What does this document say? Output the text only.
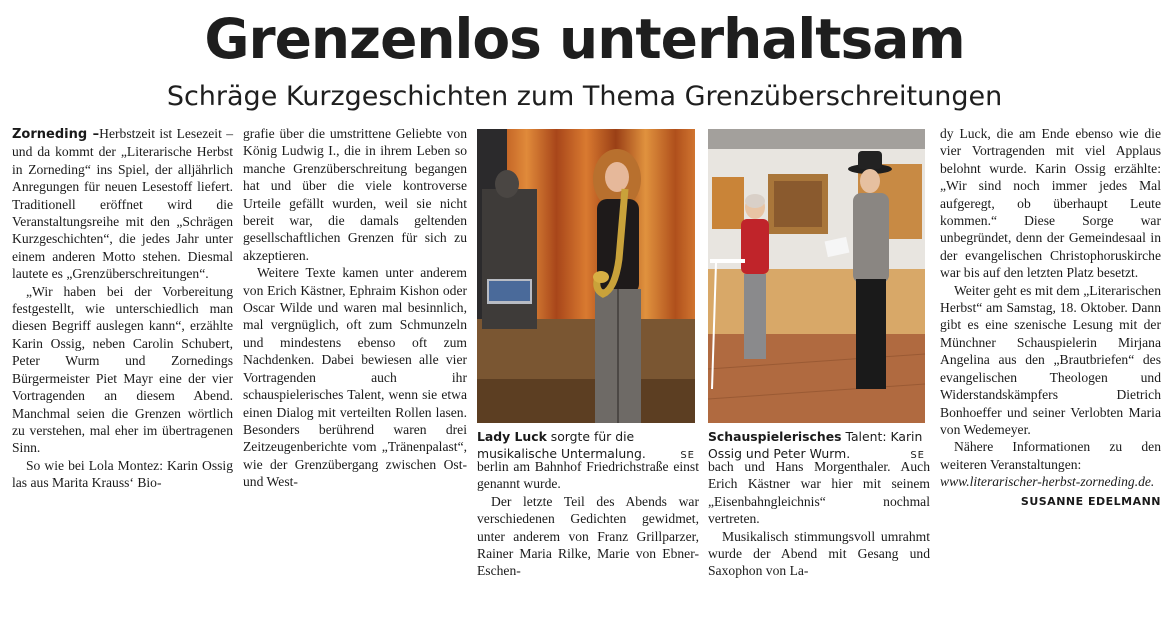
Grenzenlos unterhaltsam
Schräge Kurzgeschichten zum Thema Grenzüberschreitungen

Zorneding –Herbstzeit ist Lesezeit – und da kommt der „Literarische Herbst in Zorneding“ ins Spiel, der alljährlich Anregungen für neuen Lesestoff liefert. Traditionell eröffnet wird die Veranstaltungsreihe mit den „Schrägen Kurzgeschichten“, die jedes Jahr unter einem anderen Motto stehen. Diesmal lautete es „Grenzüberschreitungen“.

„Wir haben bei der Vorbereitung festgestellt, wie unterschiedlich man diesen Begriff auslegen kann“, erzählte Karin Ossig, neben Carolin Schubert, Peter Wurm und Zornedings Bürgermeister Piet Mayr eine der vier Vortragenden an diesem Abend. Manchmal seien die Grenzen wörtlich zu verstehen, mal eher im übertragenen Sinn.

So wie bei Lola Montez: Karin Ossig las aus Marita Krauss‘ Bio-

grafie über die umstrittene Geliebte von König Ludwig I., die in ihrem Leben so manche Grenzüberschreitung begangen hat und über die viele kontroverse Urteile gefällt wurden, weil sie nicht bereit war, die damals geltenden gesellschaftlichen Grenzen für sich zu akzeptieren.

Weitere Texte kamen unter anderem von Erich Kästner, Ephraim Kishon oder Oscar Wilde und waren mal besinnlich, mal vergnüglich, oft zum Schmunzeln und mindestens ebenso oft zum Nachdenken. Dabei bewiesen alle vier Vortragenden auch ihr schauspielerisches Talent, wenn sie etwa einen Dialog mit verteilten Rollen lasen. Besonders berührend waren drei Zeitzeugenberichte vom „Tränenpalast“, wie der Grenzübergang zwischen Ost- und West-

Lady Luck sorgte für die musikalische Untermalung.	SE
Schauspielerisches Talent: Karin Ossig und Peter Wurm.	SE

berlin am Bahnhof Friedrichstraße einst genannt wurde.

Der letzte Teil des Abends war verschiedenen Gedichten gewidmet, unter anderem von Franz Grillparzer, Rainer Maria Rilke, Marie von Ebner-Eschen-

bach und Hans Morgenthaler. Auch Erich Kästner war hier mit seinem „Eisenbahngleichnis“ nochmal vertreten.

Musikalisch stimmungsvoll umrahmt wurde der Abend mit Gesang und Saxophon von La-

dy Luck, die am Ende ebenso wie die vier Vortragenden mit viel Applaus belohnt wurde. Karin Ossig erzählte: „Wir sind noch immer jedes Mal aufgeregt, ob überhaupt Leute kommen.“ Diese Sorge war unbegründet, denn der Gemeindesaal in der evangelischen Christophoruskirche war bis auf den letzten Platz besetzt.

Weiter geht es mit dem „Literarischen Herbst“ am Samstag, 18. Oktober. Dann gibt es eine szenische Lesung mit der Münchner Schauspielerin Mirjana Angelina aus den „Brautbriefen“ des evangelischen Theologen und Widerstandskämpfers Dietrich Bonhoeffer und seiner Verlobten Maria von Wedemeyer.

Nähere Informationen zu den weiteren Veranstaltungen:

www.literarischer-herbst-zorneding.de.
SUSANNE EDELMANN
